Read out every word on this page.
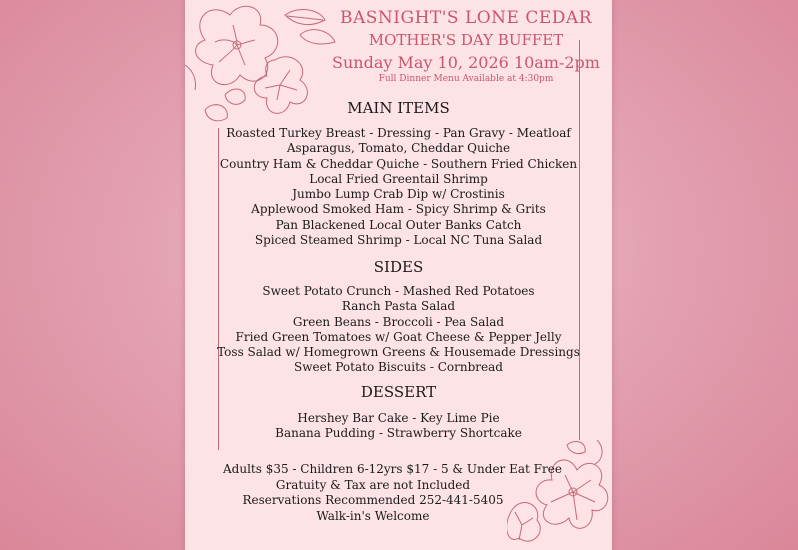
BASNIGHT'S LONE CEDAR
MOTHER'S DAY BUFFET
Sunday May 10, 2026 10am-2pm
Full Dinner Menu Available at 4:30pm
MAIN ITEMS
Roasted Turkey Breast - Dressing - Pan Gravy - Meatloaf
Asparagus, Tomato, Cheddar Quiche
Country Ham & Cheddar Quiche - Southern Fried Chicken
Local Fried Greentail Shrimp
Jumbo Lump Crab Dip w/ Crostinis
Applewood Smoked Ham - Spicy Shrimp & Grits
Pan Blackened Local Outer Banks Catch
Spiced Steamed Shrimp - Local NC Tuna Salad
SIDES
Sweet Potato Crunch - Mashed Red Potatoes
Ranch Pasta Salad
Green Beans - Broccoli - Pea Salad
Fried Green Tomatoes w/ Goat Cheese & Pepper Jelly
Toss Salad w/ Homegrown Greens & Housemade Dressings
Sweet Potato Biscuits - Cornbread
DESSERT
Hershey Bar Cake - Key Lime Pie
Banana Pudding - Strawberry Shortcake
Adults $35 - Children 6-12yrs $17 - 5 & Under Eat Free
Gratuity & Tax are not Included
Reservations Recommended 252-441-5405
Walk-in's Welcome
